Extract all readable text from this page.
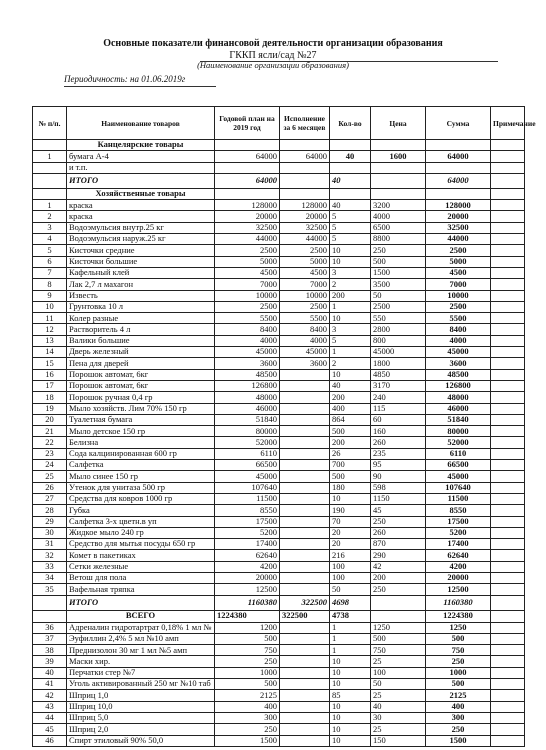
Основные показатели финансовой деятельности организации образования
ГККП ясли/сад №27
(Наименование организации образования)
Периодичность: на 01.06.2019г
№ п/п.	Наименование товаров	Годовой план на 2019 год	Исполнение за 6 месяцев	Кол-во	Цена	Сумма	Примечание
	Канцелярские товары						
1	бумага А-4	64000	64000	40	1600	64000	
	и т.п.						
	ИТОГО	64000		40		64000	
	Хозяйственные товары						
1	краска	128000	128000	40	3200	128000	
2	краска	20000	20000	5	4000	20000	
3	Водоэмульсия внутр.25 кг	32500	32500	5	6500	32500	
4	Водоэмульсия наруж.25 кг	44000	44000	5	8800	44000	
5	Кисточки средние	2500	2500	10	250	2500	
6	Кисточки большие	5000	5000	10	500	5000	
7	Кафельный клей	4500	4500	3	1500	4500	
8	Лак 2,7 л махагон	7000	7000	2	3500	7000	
9	Известь	10000	10000	200	50	10000	
10	Грунтовка 10 л	2500	2500	1	2500	2500	
11	Колер разные	5500	5500	10	550	5500	
12	Растворитель 4 л	8400	8400	3	2800	8400	
13	Валики большие	4000	4000	5	800	4000	
14	Дверь железный	45000	45000	1	45000	45000	
15	Пена для дверей	3600	3600	2	1800	3600	
16	Порошок автомат, 6кг	48500		10	4850	48500	
17	Порошок автомат, 6кг	126800		40	3170	126800	
18	Порошок ручная 0,4 гр	48000		200	240	48000	
19	Мыло хозяйств. Лим 70% 150 гр	46000		400	115	46000	
20	Туалетная бумага	51840		864	60	51840	
21	Мыло детское 150 гр	80000		500	160	80000	
22	Белизна	52000		200	260	52000	
23	Сода калцинированная 600 гр	6110		26	235	6110	
24	Салфетка	66500		700	95	66500	
25	Мыло синее 150 гр	45000		500	90	45000	
26	Утенок для унитаза 500 гр	107640		180	598	107640	
27	Средства для ковров 1000 гр	11500		10	1150	11500	
28	Губка	8550		190	45	8550	
29	Салфетка 3-х цветн.в уп	17500		70	250	17500	
30	Жидкое мыло 240 гр	5200		20	260	5200	
31	Средство для мытья посуды 650 гр	17400		20	870	17400	
32	Комет в пакетиках	62640		216	290	62640	
33	Сетки железные	4200		100	42	4200	
34	Ветош для пола	20000		100	200	20000	
35	Вафельная тряпка	12500		50	250	12500	
	ИТОГО	1160380	322500	4698		1160380	
	ВСЕГО	1224380	322500	4738		1224380	
36	Адреналин гидротартрат 0,18% 1 мл №	1200		1	1250	1250	
37	Эуфиллин 2,4% 5 мл №10 амп	500		1	500	500	
38	Преднизолон 30 мг 1 мл №5 амп	750		1	750	750	
39	Маски хир.	250		10	25	250	
40	Перчатки стер №7	1000		10	100	1000	
41	Уголь активированный 250 мг №10 таб	500		10	50	500	
42	Шприц 1,0	2125		85	25	2125	
43	Шприц 10,0	400		10	40	400	
44	Шприц 5,0	300		10	30	300	
45	Шприц 2,0	250		10	25	250	
46	Спирт этиловый 90% 50,0	1500		10	150	1500	
